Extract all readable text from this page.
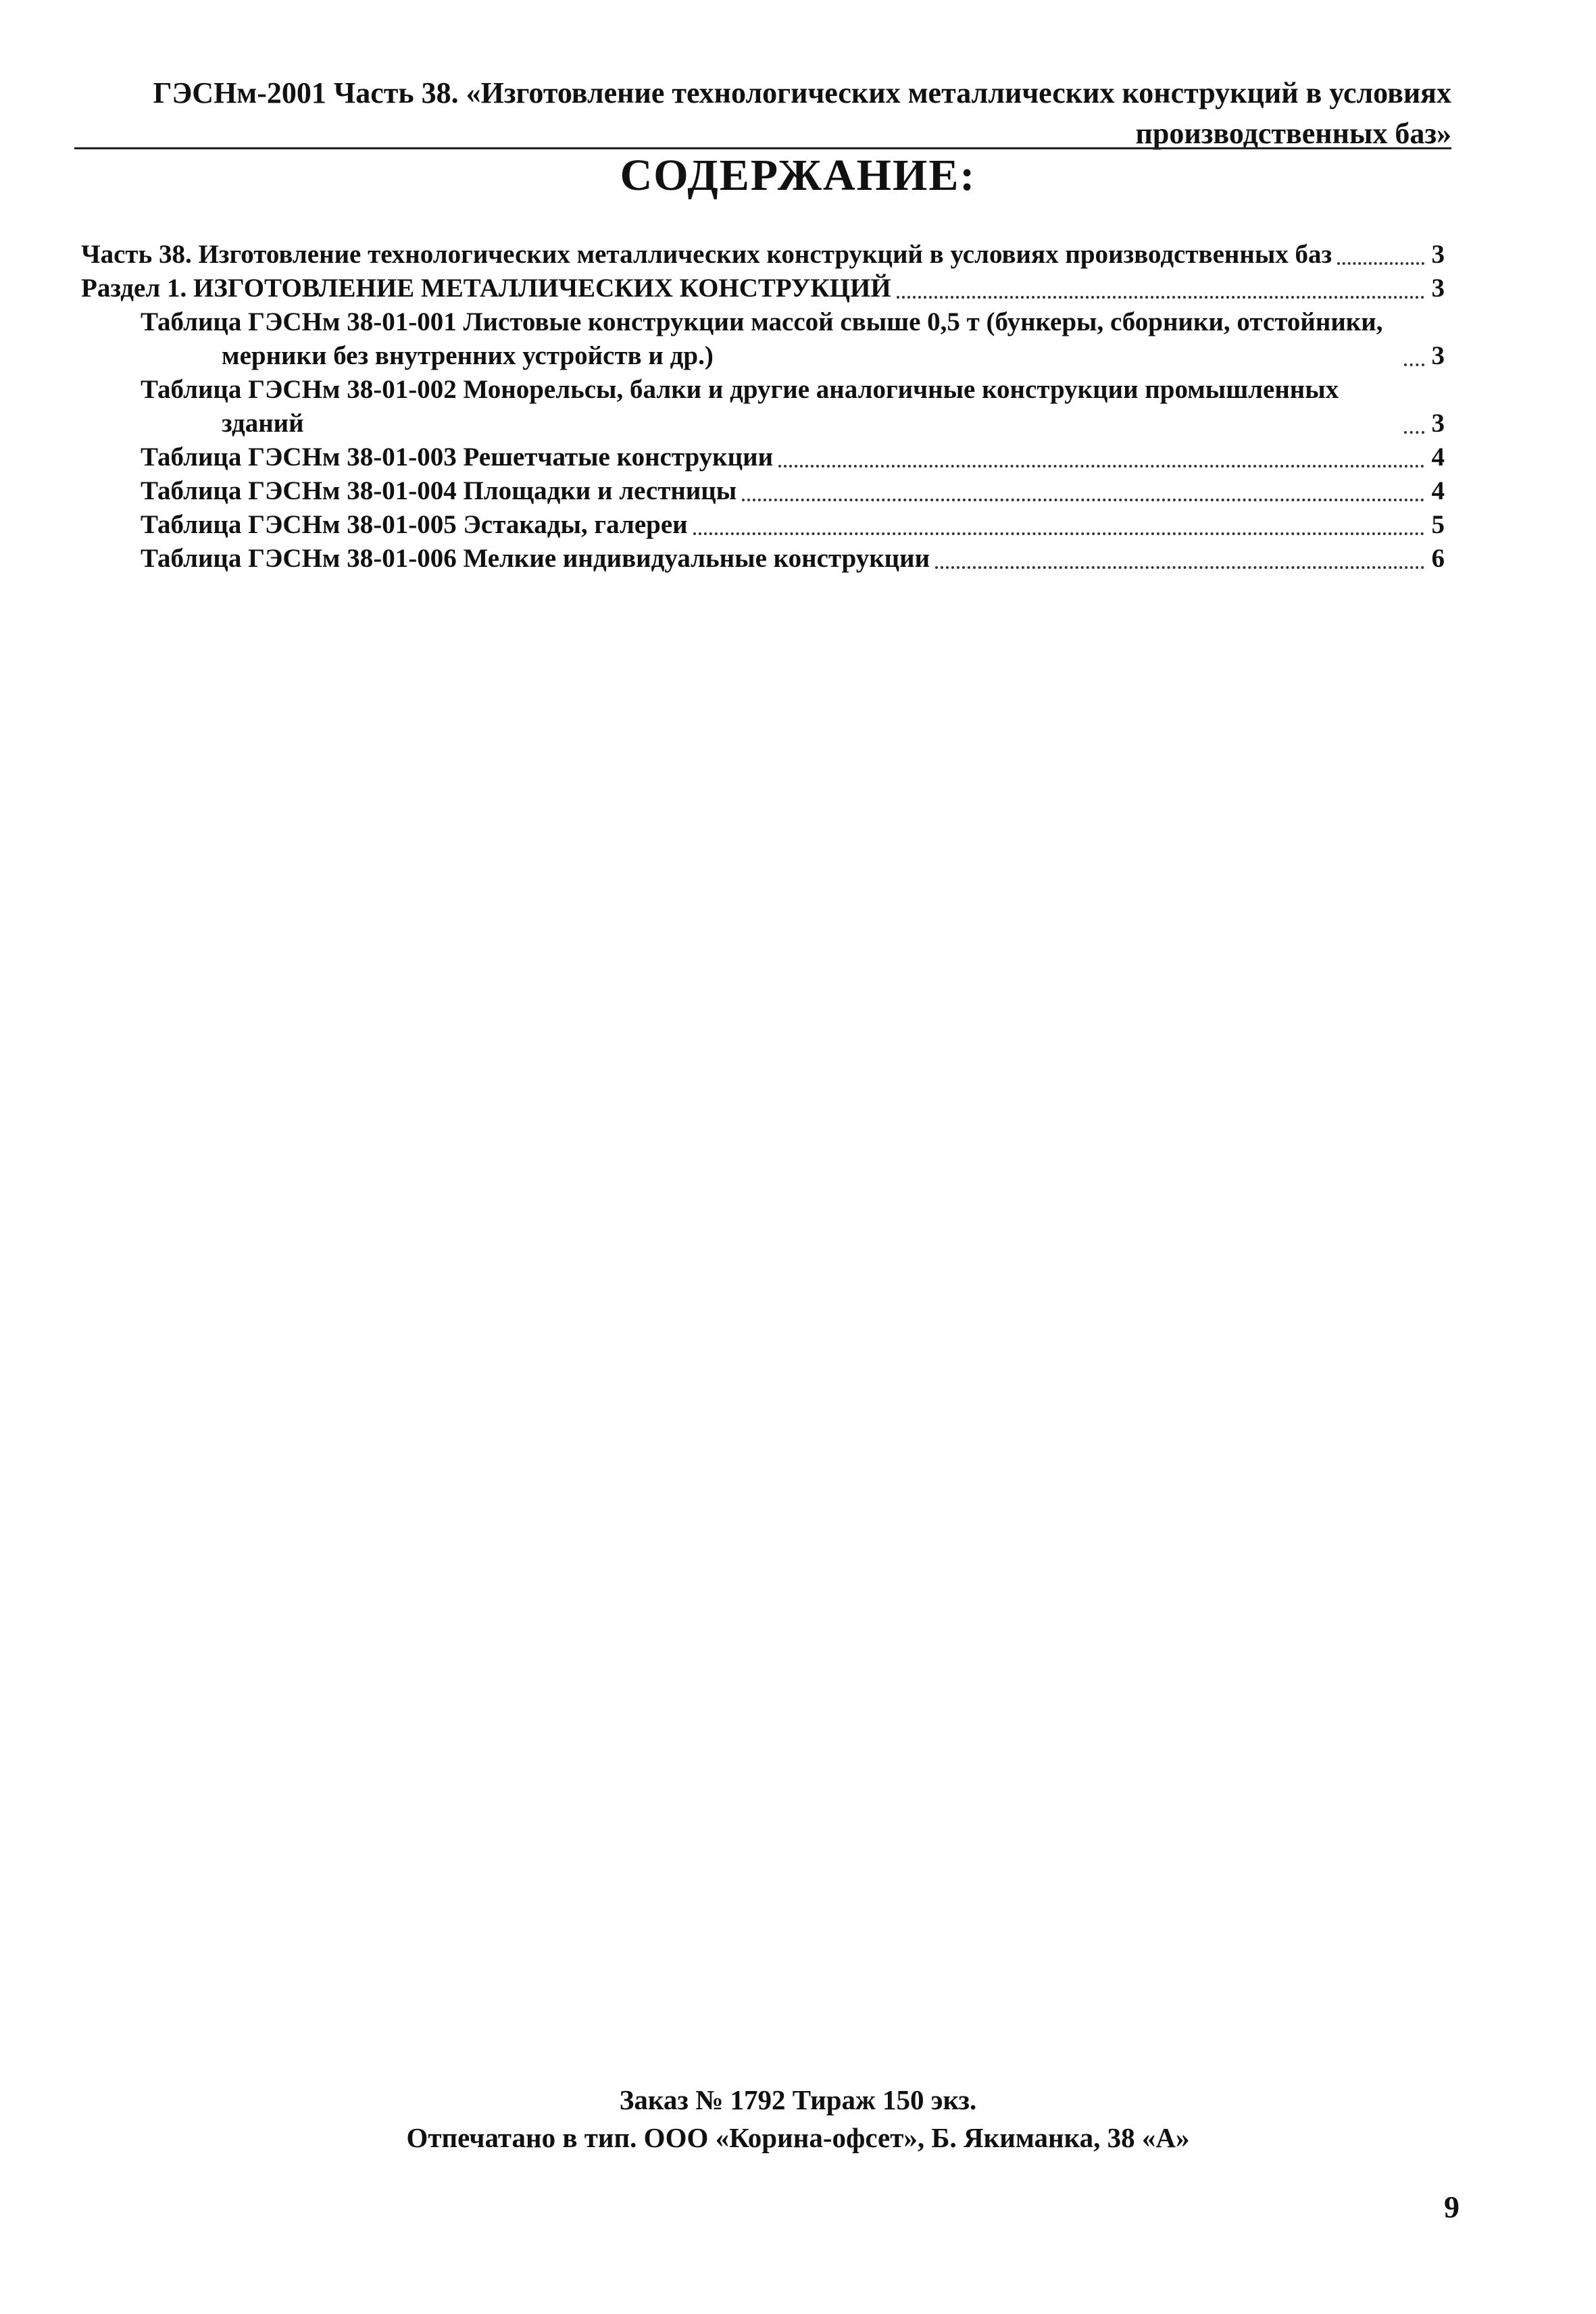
ГЭСНм-2001 Часть 38. «Изготовление технологических металлических конструкций в условиях производственных баз»
СОДЕРЖАНИЕ:
Часть 38. Изготовление технологических металлических конструкций в условиях производственных баз	3
Раздел 1. ИЗГОТОВЛЕНИЕ МЕТАЛЛИЧЕСКИХ КОНСТРУКЦИЙ	3
Таблица ГЭСНм 38-01-001 Листовые конструкции массой свыше 0,5 т (бункеры, сборники, отстойники, мерники без внутренних устройств и др.)	3
Таблица ГЭСНм 38-01-002 Монорельсы, балки и другие аналогичные конструкции промышленных зданий	3
Таблица ГЭСНм 38-01-003 Решетчатые конструкции	4
Таблица ГЭСНм 38-01-004 Площадки и лестницы	4
Таблица ГЭСНм 38-01-005 Эстакады, галереи	5
Таблица ГЭСНм 38-01-006 Мелкие индивидуальные конструкции	6
Заказ № 1792 Тираж 150 экз.
Отпечатано в тип. ООО «Корина-офсет», Б. Якиманка, 38 «А»
9
